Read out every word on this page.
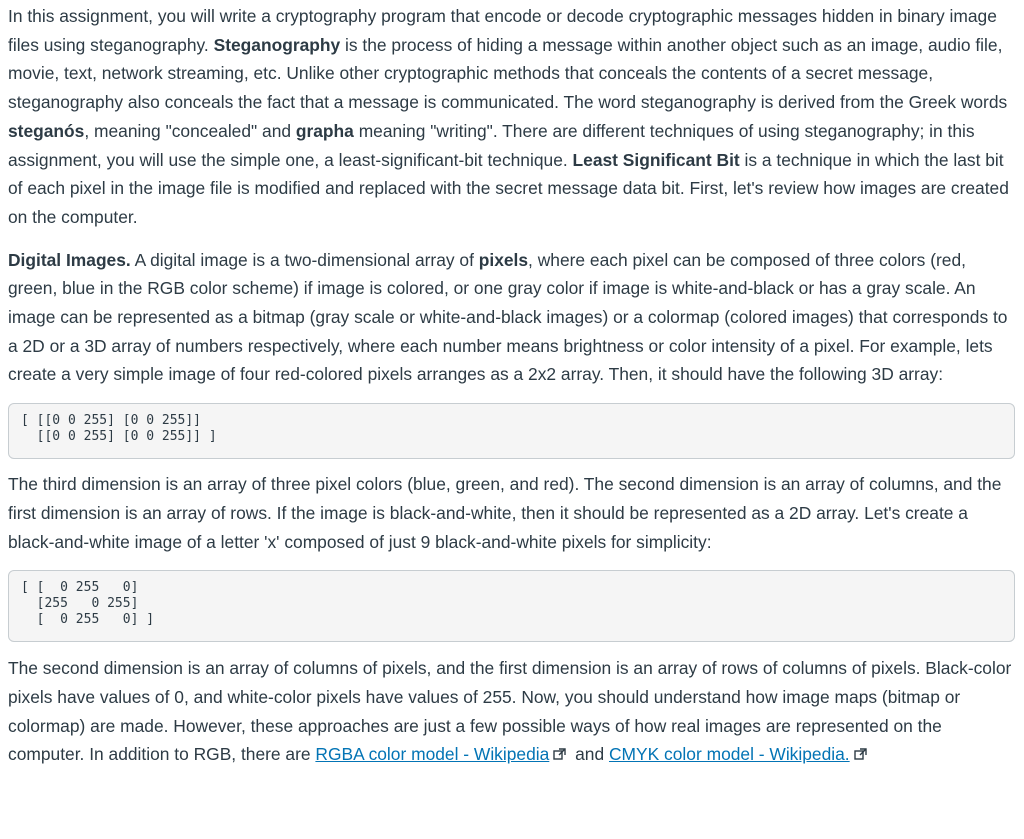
In this assignment, you will write a cryptography program that encode or decode cryptographic messages hidden in binary image files using steganography. Steganography is the process of hiding a message within another object such as an image, audio file, movie, text, network streaming, etc. Unlike other cryptographic methods that conceals the contents of a secret message, steganography also conceals the fact that a message is communicated. The word steganography is derived from the Greek words steganós, meaning "concealed" and grapha meaning "writing". There are different techniques of using steganography; in this assignment, you will use the simple one, a least-significant-bit technique. Least Significant Bit is a technique in which the last bit of each pixel in the image file is modified and replaced with the secret message data bit. First, let's review how images are created on the computer.

Digital Images. A digital image is a two-dimensional array of pixels, where each pixel can be composed of three colors (red, green, blue in the RGB color scheme) if image is colored, or one gray color if image is white-and-black or has a gray scale. An image can be represented as a bitmap (gray scale or white-and-black images) or a colormap (colored images) that corresponds to a 2D or a 3D array of numbers respectively, where each number means brightness or color intensity of a pixel. For example, lets create a very simple image of four red-colored pixels arranges as a 2x2 array. Then, it should have the following 3D array:

[ [[0 0 255] [0 0 255]]
[[0 0 255] [0 0 255]] ]

The third dimension is an array of three pixel colors (blue, green, and red). The second dimension is an array of columns, and the first dimension is an array of rows. If the image is black-and-white, then it should be represented as a 2D array. Let's create a black-and-white image of a letter 'x' composed of just 9 black-and-white pixels for simplicity:

[ [  0 255   0]
[255   0 255]
[  0 255   0] ]

The second dimension is an array of columns of pixels, and the first dimension is an array of rows of columns of pixels. Black-color pixels have values of 0, and white-color pixels have values of 255. Now, you should understand how image maps (bitmap or colormap) are made. However, these approaches are just a few possible ways of how real images are represented on the computer. In addition to RGB, there are RGBA color model - Wikipedia and CMYK color model - Wikipedia.
